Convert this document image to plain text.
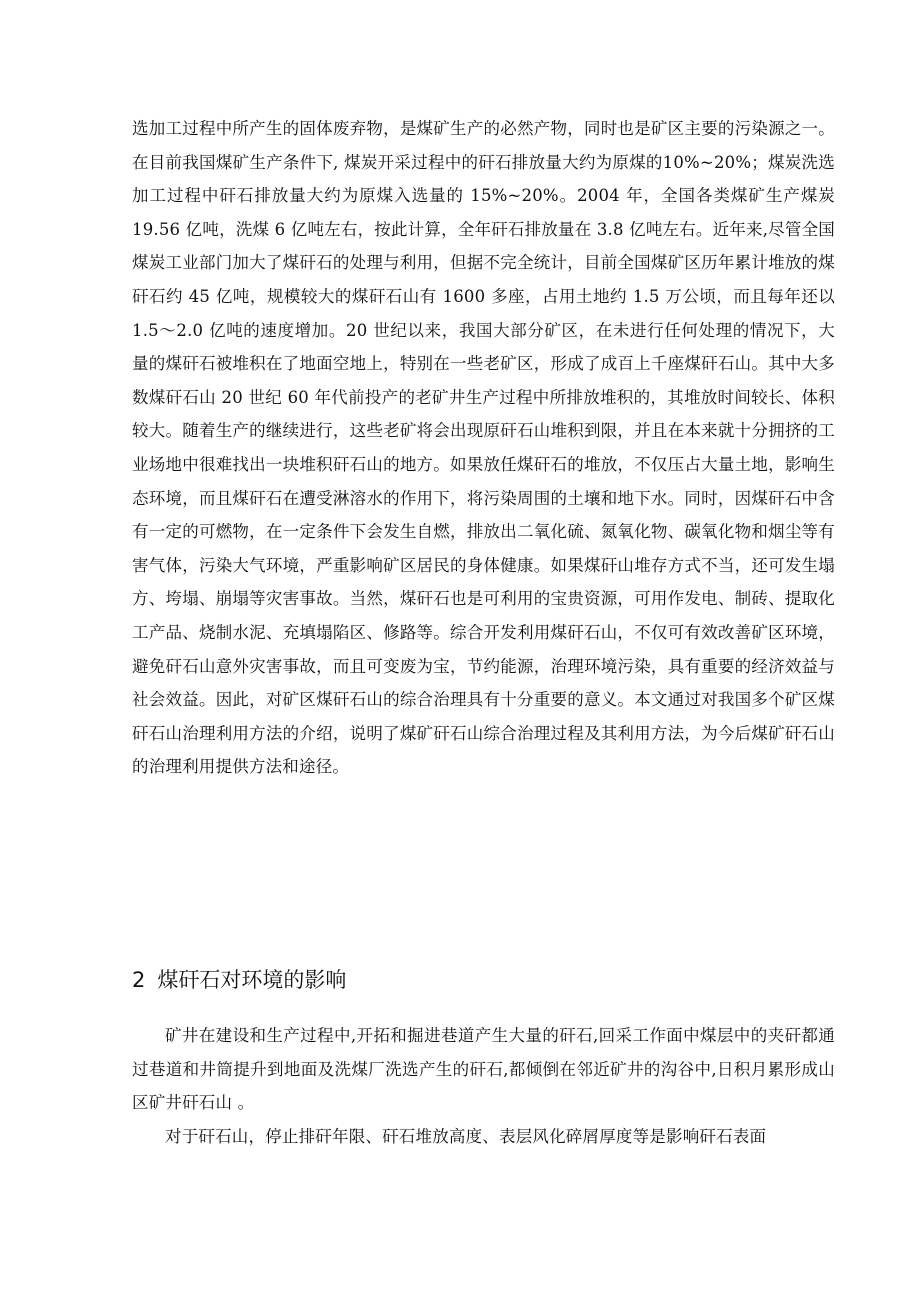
选加工过程中所产生的固体废弃物，是煤矿生产的必然产物，同时也是矿区主要的污染源之一。在目前我国煤矿生产条件下, 煤炭开采过程中的矸石排放量大约为原煤的10%~20%；煤炭洗选加工过程中矸石排放量大约为原煤入选量的 15%~20%。2004 年，全国各类煤矿生产煤炭 19.56 亿吨，洗煤 6 亿吨左右，按此计算，全年矸石排放量在 3.8 亿吨左右。近年来,尽管全国煤炭工业部门加大了煤矸石的处理与利用，但据不完全统计，目前全国煤矿区历年累计堆放的煤矸石约 45 亿吨，规模较大的煤矸石山有 1600 多座，占用土地约 1.5 万公顷，而且每年还以 1.5～2.0 亿吨的速度增加。20 世纪以来，我国大部分矿区，在未进行任何处理的情况下，大量的煤矸石被堆积在了地面空地上，特别在一些老矿区，形成了成百上千座煤矸石山。其中大多数煤矸石山 20 世纪 60 年代前投产的老矿井生产过程中所排放堆积的，其堆放时间较长、体积较大。随着生产的继续进行，这些老矿将会出现原矸石山堆积到限，并且在本来就十分拥挤的工业场地中很难找出一块堆积矸石山的地方。如果放任煤矸石的堆放，不仅压占大量土地，影响生态环境，而且煤矸石在遭受淋溶水的作用下，将污染周围的土壤和地下水。同时，因煤矸石中含有一定的可燃物，在一定条件下会发生自燃，排放出二氧化硫、氮氧化物、碳氧化物和烟尘等有害气体，污染大气环境，严重影响矿区居民的身体健康。如果煤矸山堆存方式不当，还可发生塌方、垮塌、崩塌等灾害事故。当然，煤矸石也是可利用的宝贵资源，可用作发电、制砖、提取化工产品、烧制水泥、充填塌陷区、修路等。综合开发利用煤矸石山，不仅可有效改善矿区环境，避免矸石山意外灾害事故，而且可变废为宝，节约能源，治理环境污染，具有重要的经济效益与社会效益。因此，对矿区煤矸石山的综合治理具有十分重要的意义。本文通过对我国多个矿区煤矸石山治理利用方法的介绍，说明了煤矿矸石山综合治理过程及其利用方法，为今后煤矿矸石山的治理利用提供方法和途径。

2 煤矸石对环境的影响

矿井在建设和生产过程中,开拓和掘进巷道产生大量的矸石,回采工作面中煤层中的夹矸都通过巷道和井筒提升到地面及洗煤厂洗选产生的矸石,都倾倒在邻近矿井的沟谷中,日积月累形成山区矿井矸石山 。

对于矸石山，停止排矸年限、矸石堆放高度、表层风化碎屑厚度等是影响矸石表面
